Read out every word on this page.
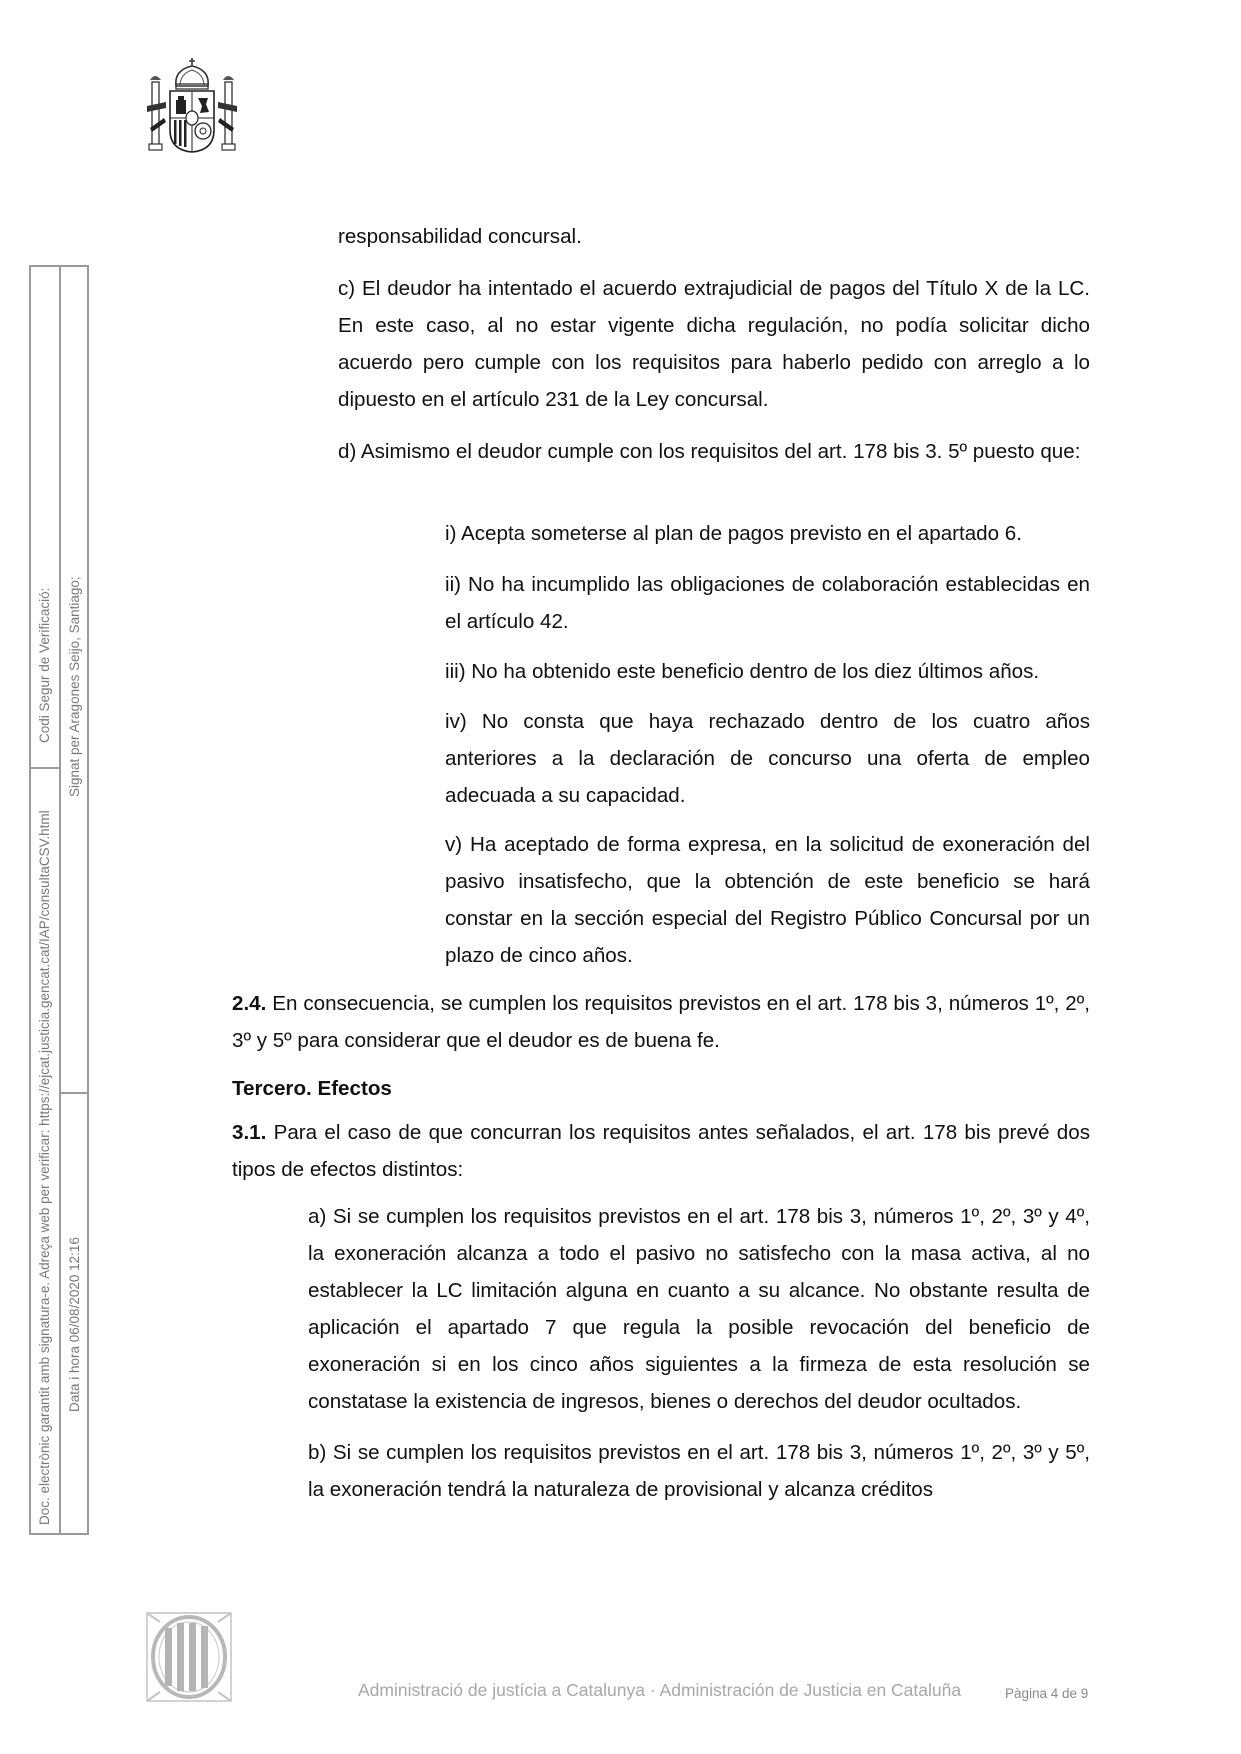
Codi Segur de Verificació:
Doc. electrònic garantit amb signatura-e. Adreça web per verificar: https://ejcat.justicia.gencat.cat/IAP/consultaCSV.html
Signat per Aragones Seijo, Santiago;
Data i hora 06/08/2020 12:16

responsabilidad concursal.

c) El deudor ha intentado el acuerdo extrajudicial de pagos del Título X de la LC. En este caso, al no estar vigente dicha regulación, no podía solicitar dicho acuerdo pero cumple con los requisitos para haberlo pedido con arreglo a lo dipuesto en el artículo 231 de la Ley concursal.

d) Asimismo el deudor cumple con los requisitos del art. 178 bis 3. 5º puesto que:

i) Acepta someterse al plan de pagos previsto en el apartado 6.

ii) No ha incumplido las obligaciones de colaboración establecidas en el artículo 42.

iii) No ha obtenido este beneficio dentro de los diez últimos años.

iv) No consta que haya rechazado dentro de los cuatro años anteriores a la declaración de concurso una oferta de empleo adecuada a su capacidad.

v) Ha aceptado de forma expresa, en la solicitud de exoneración del pasivo insatisfecho, que la obtención de este beneficio se hará constar en la sección especial del Registro Público Concursal por un plazo de cinco años.

2.4. En consecuencia, se cumplen los requisitos previstos en el art. 178 bis 3, números 1º, 2º, 3º y 5º para considerar que el deudor es de buena fe.

Tercero. Efectos

3.1. Para el caso de que concurran los requisitos antes señalados, el art. 178 bis prevé dos tipos de efectos distintos:

a) Si se cumplen los requisitos previstos en el art. 178 bis 3, números 1º, 2º, 3º y 4º, la exoneración alcanza a todo el pasivo no satisfecho con la masa activa, al no establecer la LC limitación alguna en cuanto a su alcance. No obstante resulta de aplicación el apartado 7 que regula la posible revocación del beneficio de exoneración si en los cinco años siguientes a la firmeza de esta resolución se constatase la existencia de ingresos, bienes o derechos del deudor ocultados.

b) Si se cumplen los requisitos previstos en el art. 178 bis 3, números 1º, 2º, 3º y 5º, la exoneración tendrá la naturaleza de provisional y alcanza créditos

Administració de justícia a Catalunya · Administración de Justicia en Cataluña	Pàgina 4 de 9
